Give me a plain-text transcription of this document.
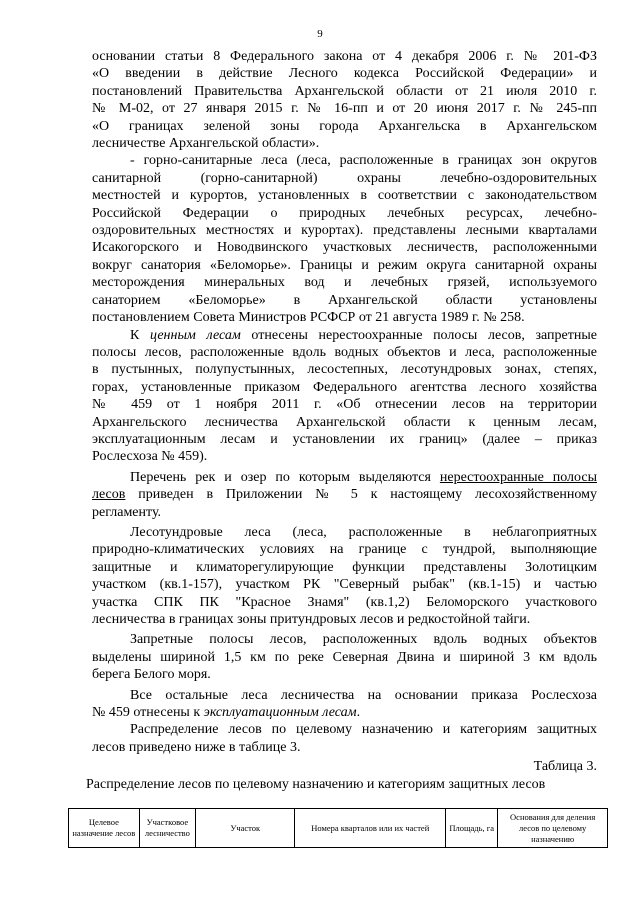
9
основании статьи 8 Федерального закона от 4 декабря 2006 г. № 201-ФЗ
«О введении в действие Лесного кодекса Российской Федерации» и
постановлений Правительства Архангельской области от 21 июля 2010 г.
№ М-02, от 27 января 2015 г. № 16-пп и от 20 июня 2017 г. № 245-пп
«О границах зеленой зоны города Архангельска в Архангельском
лесничестве Архангельской области».
- горно-санитарные леса (леса, расположенные в границах зон округов
санитарной (горно-санитарной) охраны лечебно-оздоровительных
местностей и курортов, установленных в соответствии с законодательством
Российской Федерации о природных лечебных ресурсах, лечебно-
оздоровительных местностях и курортах). представлены лесными кварталами
Исакогорского и Новодвинского участковых лесничеств, расположенными
вокруг санатория «Беломорье». Границы и режим округа санитарной охраны
месторождения минеральных вод и лечебных грязей, используемого
санаторием «Беломорье» в Архангельской области установлены
постановлением Совета Министров РСФСР от 21 августа 1989 г. № 258.
К ценным лесам отнесены нерестоохранные полосы лесов, запретные
полосы лесов, расположенные вдоль водных объектов и леса, расположенные
в пустынных, полупустынных, лесостепных, лесотундровых зонах, степях,
горах, установленные приказом Федерального агентства лесного хозяйства
№ 459 от 1 ноября 2011 г. «Об отнесении лесов на территории
Архангельского лесничества Архангельской области к ценным лесам,
эксплуатационным лесам и установлении их границ» (далее – приказ
Рослесхоза № 459).
Перечень рек и озер по которым выделяются нерестоохранные полосы
лесов приведен в Приложении № 5 к настоящему лесохозяйственному
регламенту.
Лесотундровые леса (леса, расположенные в неблагоприятных
природно-климатических условиях на границе с тундрой, выполняющие
защитные и климаторегулирующие функции представлены Золотицким
участком (кв.1-157), участком РК "Северный рыбак" (кв.1-15) и частью
участка СПК ПК "Красное Знамя" (кв.1,2) Беломорского участкового
лесничества в границах зоны притундровых лесов и редкостойной тайги.
Запретные полосы лесов, расположенных вдоль водных объектов
выделены шириной 1,5 км по реке Северная Двина и шириной 3 км вдоль
берега Белого моря.
Все остальные леса лесничества на основании приказа Рослесхоза
№ 459 отнесены к эксплуатационным лесам.
Распределение лесов по целевому назначению и категориям защитных
лесов приведено ниже в таблице 3.
Таблица 3.
Распределение лесов по целевому назначению и категориям защитных лесов
Целевое назначение лесов	Участковое лесничество	Участок	Номера кварталов или их частей	Площадь, га	Основания для деления лесов по целевому назначению
